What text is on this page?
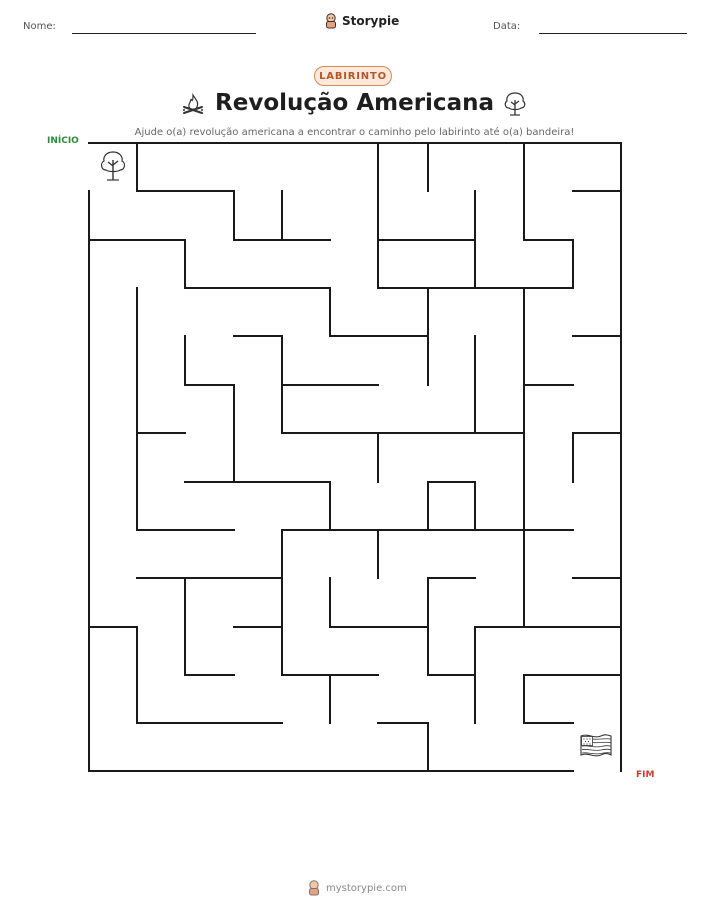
Nome:	Storypie	Data:
LABIRINTO
Revolução Americana
Ajude o(a) revolução americana a encontrar o caminho pelo labirinto até o(a) bandeira!
INÍCIO
FIM
mystorypie.com
